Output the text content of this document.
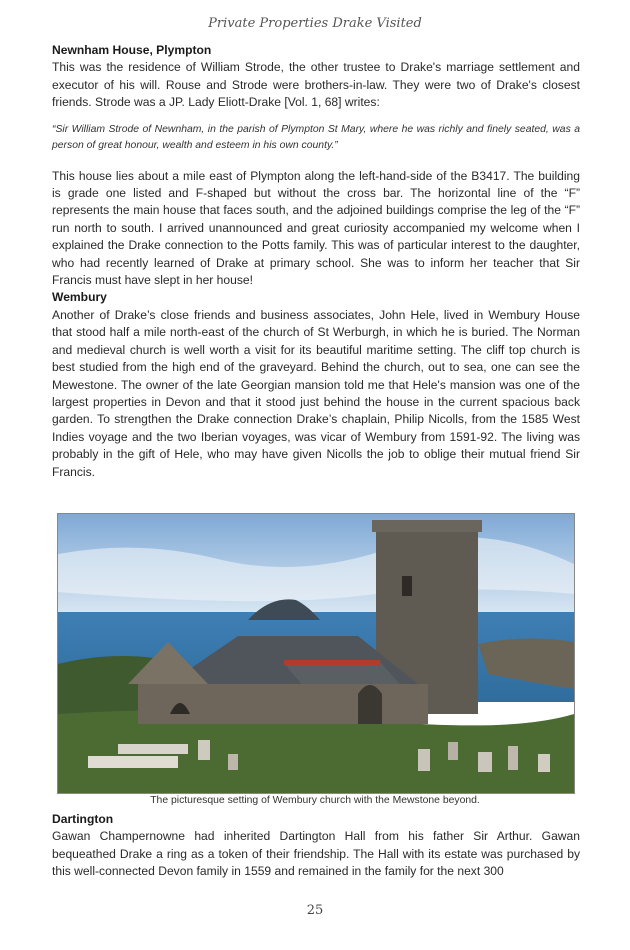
Private Properties Drake Visited
Newnham House, Plympton

This was the residence of William Strode, the other trustee to Drake's marriage settlement and executor of his will. Rouse and Strode were brothers-in-law. They were two of Drake's closest friends. Strode was a JP. Lady Eliott-Drake [Vol. 1, 68] writes:

“Sir William Strode of Newnham, in the parish of Plympton St Mary, where he was richly and finely seated, was a person of great honour, wealth and esteem in his own county.”

This house lies about a mile east of Plympton along the left-hand-side of the B3417. The building is grade one listed and F-shaped but without the cross bar. The horizontal line of the “F” represents the main house that faces south, and the adjoined buildings comprise the leg of the “F” run north to south. I arrived unannounced and great curiosity accompanied my welcome when I explained the Drake connection to the Potts family. This was of particular interest to the daughter, who had recently learned of Drake at primary school. She was to inform her teacher that Sir Francis must have slept in her house!

Wembury

Another of Drake’s close friends and business associates, John Hele, lived in Wembury House that stood half a mile north-east of the church of St Werburgh, in which he is buried. The Norman and medieval church is well worth a visit for its beautiful maritime setting. The cliff top church is best studied from the high end of the graveyard. Behind the church, out to sea, one can see the Mewestone. The owner of the late Georgian mansion told me that Hele's mansion was one of the largest properties in Devon and that it stood just behind the house in the current spacious back garden. To strengthen the Drake connection Drake’s chaplain, Philip Nicolls, from the 1585 West Indies voyage and the two Iberian voyages, was vicar of Wembury from 1591-92. The living was probably in the gift of Hele, who may have given Nicolls the job to oblige their mutual friend Sir Francis.

The picturesque setting of Wembury church with the Mewstone beyond.
Dartington

Gawan Champernowne had inherited Dartington Hall from his father Sir Arthur. Gawan bequeathed Drake a ring as a token of their friendship. The Hall with its estate was purchased by this well-connected Devon family in 1559 and remained in the family for the next 300

25
